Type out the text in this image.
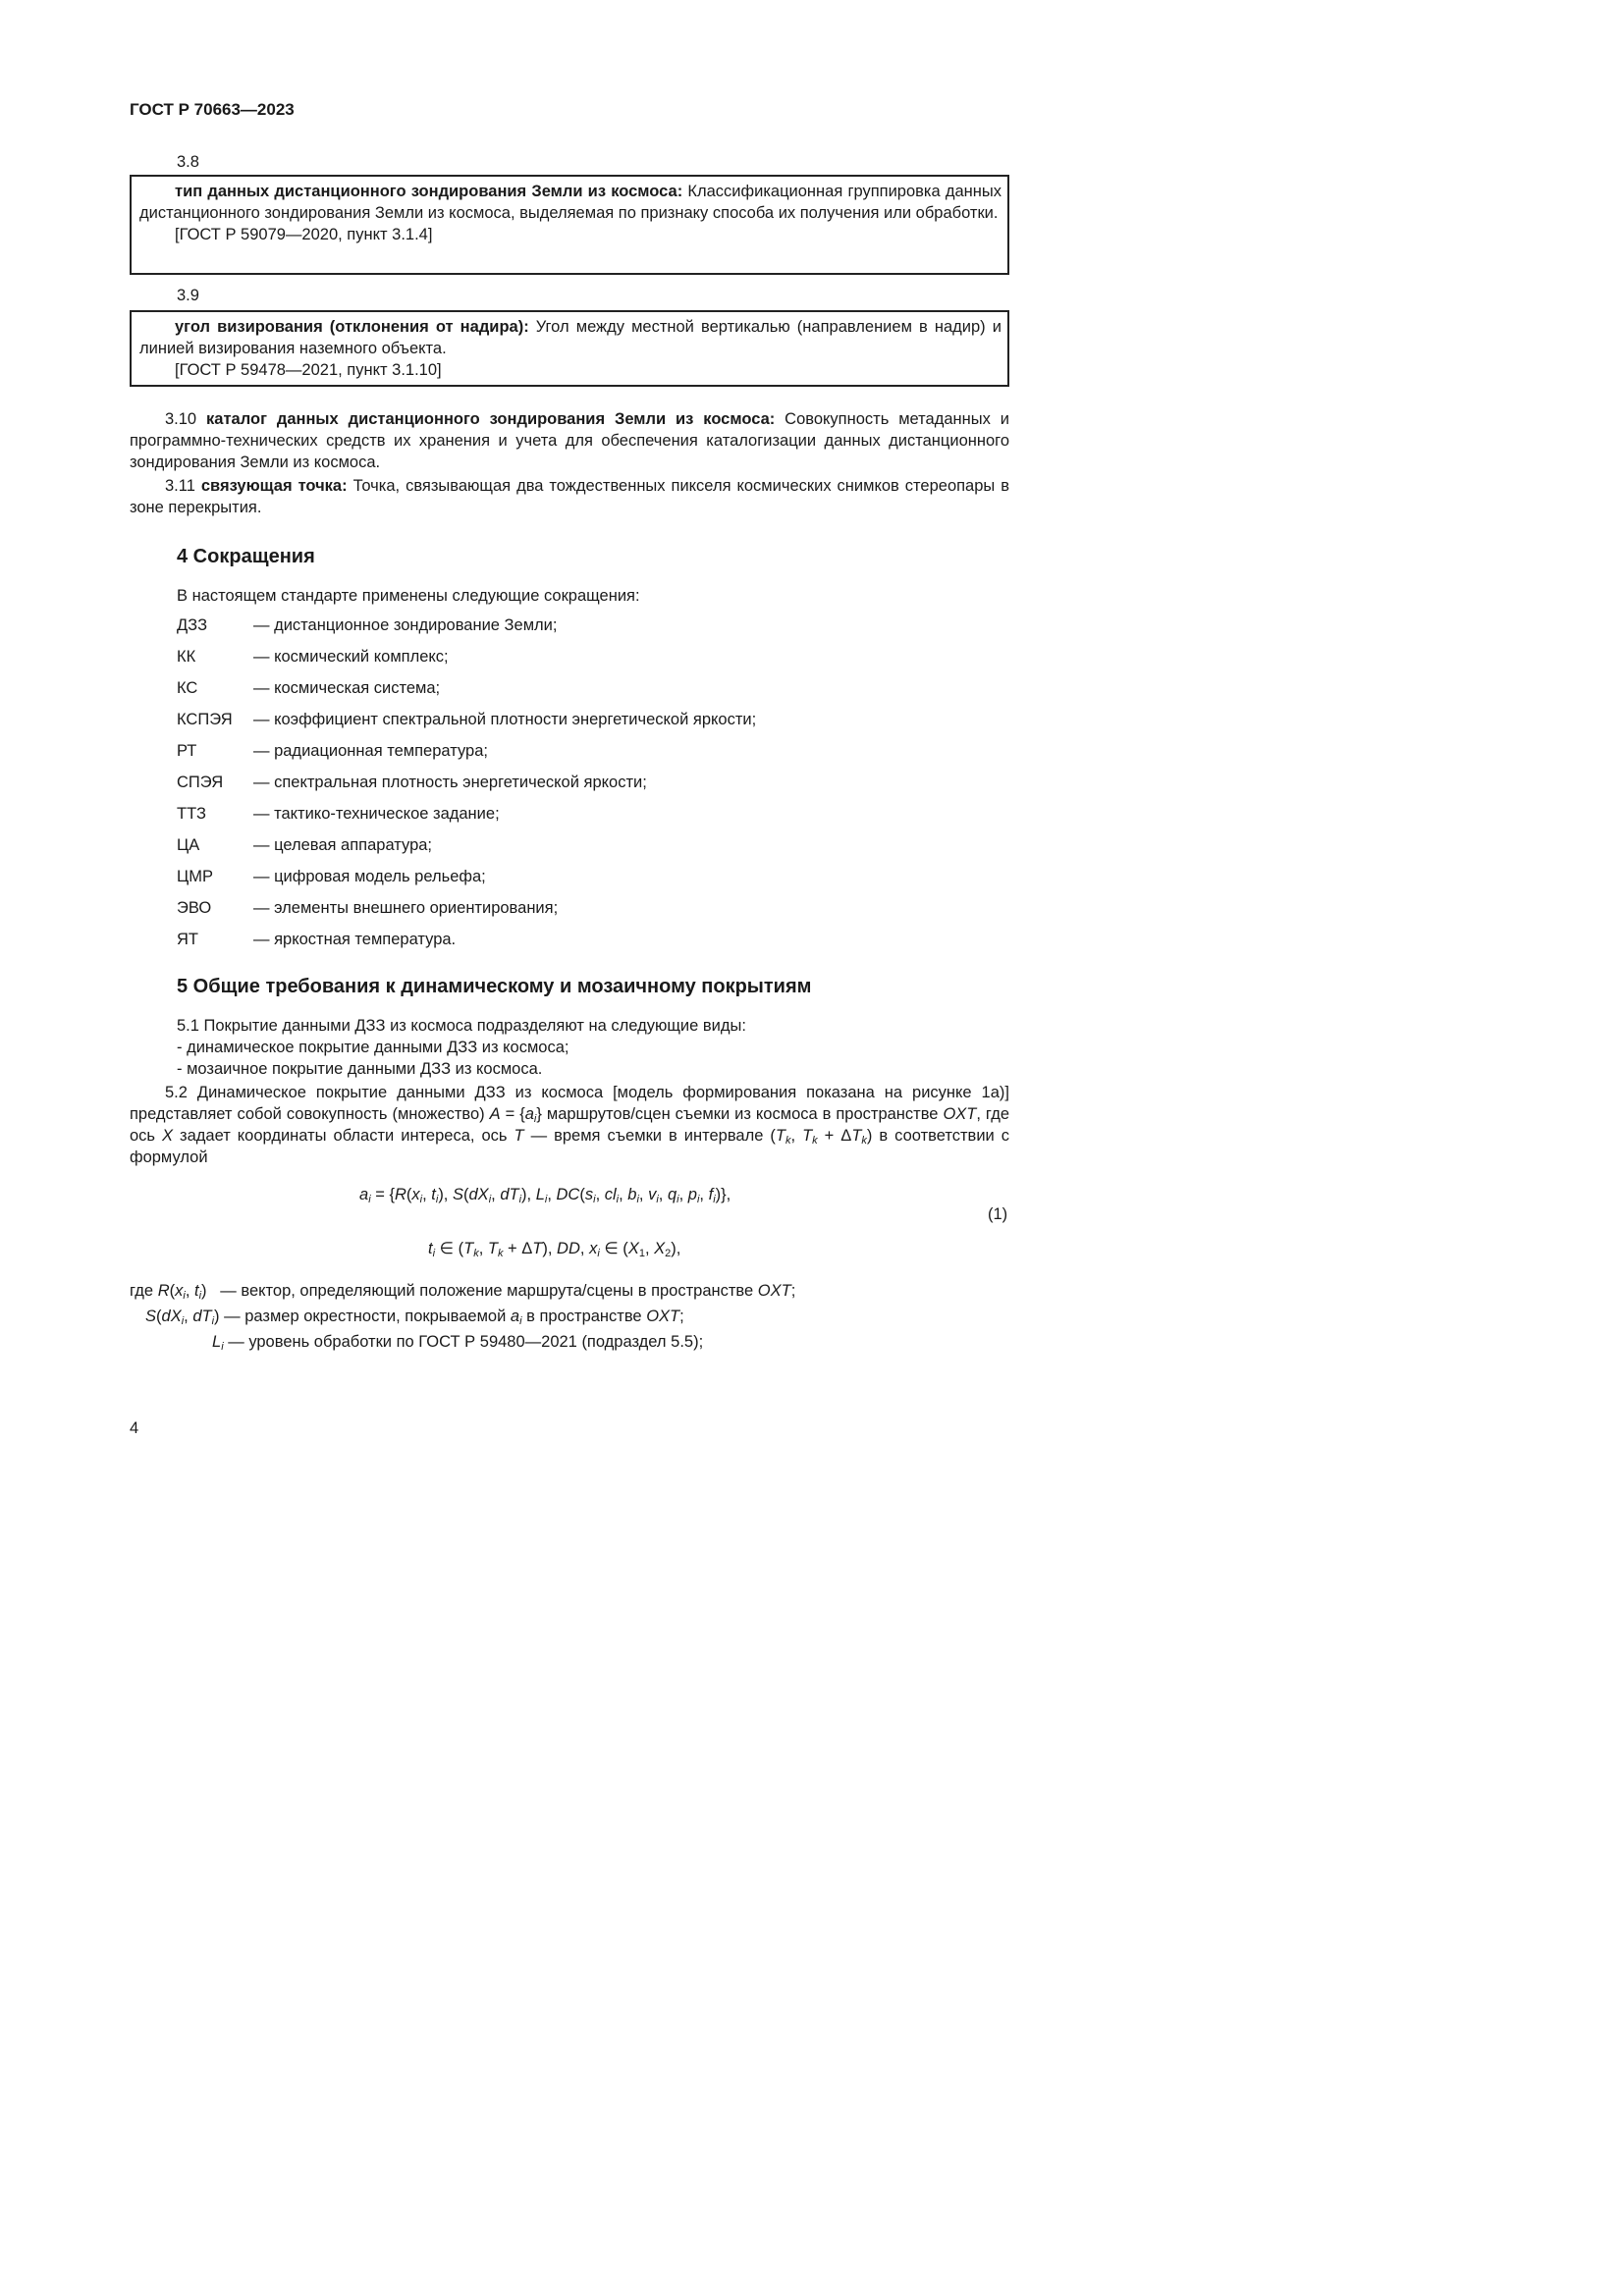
ГОСТ Р 70663—2023
3.8
тип данных дистанционного зондирования Земли из космоса: Классификационная группировка данных дистанционного зондирования Земли из космоса, выделяемая по признаку способа их получения или обработки.
[ГОСТ Р 59079—2020, пункт 3.1.4]
3.9
угол визирования (отклонения от надира): Угол между местной вертикалью (направлением в надир) и линией визирования наземного объекта.
[ГОСТ Р 59478—2021, пункт 3.1.10]
3.10 каталог данных дистанционного зондирования Земли из космоса: Совокупность метаданных и программно-технических средств их хранения и учета для обеспечения каталогизации данных дистанционного зондирования Земли из космоса.
3.11 связующая точка: Точка, связывающая два тождественных пикселя космических снимков стереопары в зоне перекрытия.
4 Сокращения
В настоящем стандарте применены следующие сокращения:
ДЗЗ	— дистанционное зондирование Земли;
КК	— космический комплекс;
КС	— космическая система;
КСПЭЯ — коэффициент спектральной плотности энергетической яркости;
РТ	— радиационная температура;
СПЭЯ — спектральная плотность энергетической яркости;
ТТЗ	— тактико-техническое задание;
ЦА	— целевая аппаратура;
ЦМР — цифровая модель рельефа;
ЭВО	— элементы внешнего ориентирования;
ЯТ	— яркостная температура.
5 Общие требования к динамическому и мозаичному покрытиям
5.1 Покрытие данными ДЗЗ из космоса подразделяют на следующие виды:
- динамическое покрытие данными ДЗЗ из космоса;
- мозаичное покрытие данными ДЗЗ из космоса.
5.2 Динамическое покрытие данными ДЗЗ из космоса [модель формирования показана на рисунке 1а)] представляет собой совокупность (множество) $A = \{a_i\}$ маршрутов/сцен съемки из космоса в пространстве OXT, где ось X задает координаты области интереса, ось T — время съемки в интервале ($T_k$, $T_k + \Delta T_k$) в соответствии с формулой
$a_i = \{R(x_i$, $t_i$), $S(dX_i$, $dT_i$), $L_i$, $DC(s_i$, $cl_i$, $b_i$, $v_i$, $q_i$, $p_i$, $f_i$)},
(1)
$t_i$ ∈ ($T_k$, $T_k + \Delta T$), DD, $x_i$ ∈ ($X_1$, $X_2$),
где $R(x_i$, $t_i$)   — вектор, определяющий положение маршрута/сцены в пространстве OXT;
$S(dX_i$, $dT_i$) — размер окрестности, покрываемой $a_i$ в пространстве OXT;
$L_i$ — уровень обработки по ГОСТ Р 59480—2021 (подраздел 5.5);
4
